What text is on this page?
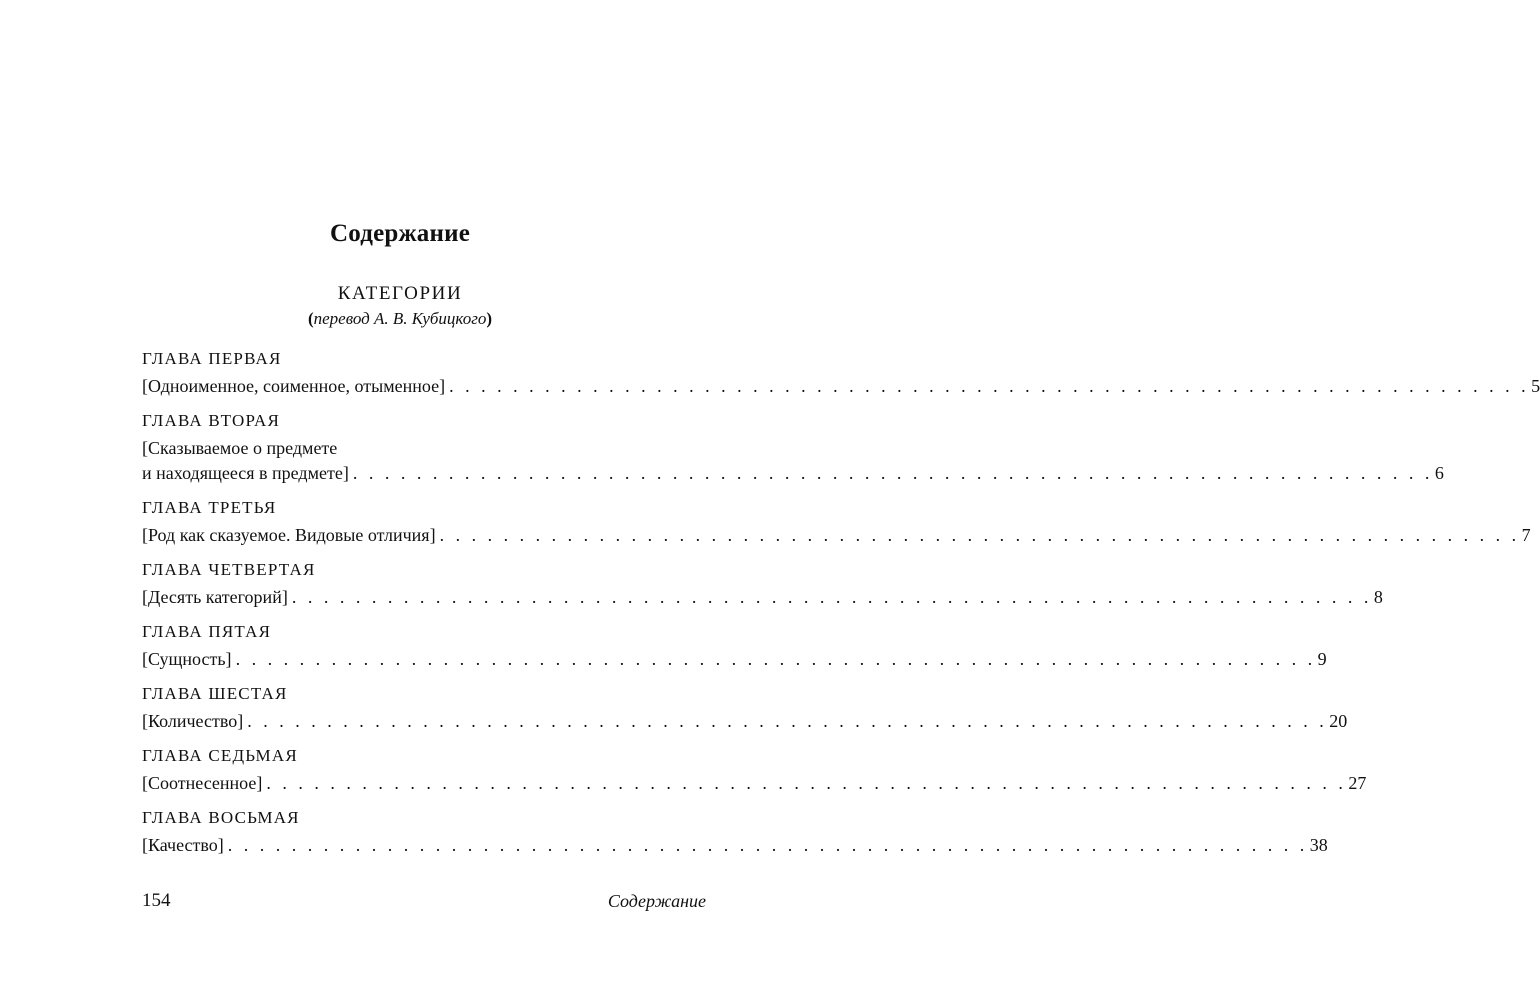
Содержание
КАТЕГОРИИ
(перевод А. В. Кубицкого)
ГЛАВА ПЕРВАЯ
[Одноименное, соименное, отыменное] . . . . . . . . . . . . . . . . . . . . . . . . . . . . . . . . . . . . . . . . . . . . . . . . . . . . . . . . . . . . . . . . . . . . 5
ГЛАВА ВТОРАЯ
[Сказываемое о предмете
и находящееся в предмете] . . . . . . . . . . . . . . . . . . . . . . . . . . . . . . . . . . . . . . . . . . . . . . . . . . . . . . . . . . . . . . . . . . . . 6
ГЛАВА ТРЕТЬЯ
[Род как сказуемое. Видовые отличия] . . . . . . . . . . . . . . . . . . . . . . . . . . . . . . . . . . . . . . . . . . . . . . . . . . . . . . . . . . . . . . . . . . . . 7
ГЛАВА ЧЕТВЕРТАЯ
[Десять категорий] . . . . . . . . . . . . . . . . . . . . . . . . . . . . . . . . . . . . . . . . . . . . . . . . . . . . . . . . . . . . . . . . . . . . 8
ГЛАВА ПЯТАЯ
[Сущность] . . . . . . . . . . . . . . . . . . . . . . . . . . . . . . . . . . . . . . . . . . . . . . . . . . . . . . . . . . . . . . . . . . . . 9
ГЛАВА ШЕСТАЯ
[Количество] . . . . . . . . . . . . . . . . . . . . . . . . . . . . . . . . . . . . . . . . . . . . . . . . . . . . . . . . . . . . . . . . . . . . 20
ГЛАВА СЕДЬМАЯ
[Соотнесенное] . . . . . . . . . . . . . . . . . . . . . . . . . . . . . . . . . . . . . . . . . . . . . . . . . . . . . . . . . . . . . . . . . . . . 27
ГЛАВА ВОСЬМАЯ
[Качество] . . . . . . . . . . . . . . . . . . . . . . . . . . . . . . . . . . . . . . . . . . . . . . . . . . . . . . . . . . . . . . . . . . . . 38
154	Содержание
